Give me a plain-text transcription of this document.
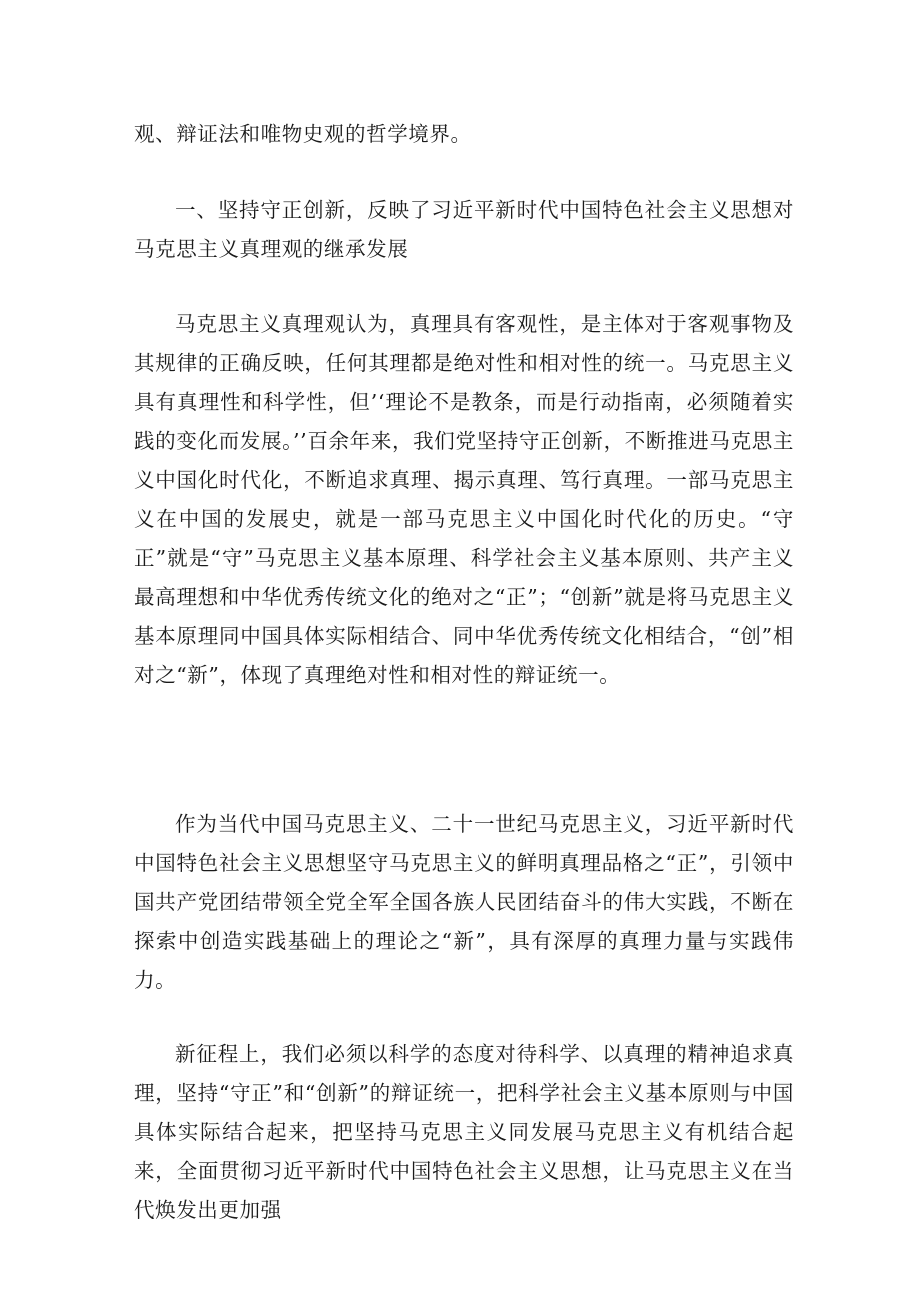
观、辩证法和唯物史观的哲学境界。

一、坚持守正创新，反映了习近平新时代中国特色社会主义思想对马克思主义真理观的继承发展

马克思主义真理观认为，真理具有客观性，是主体对于客观事物及其规律的正确反映，任何其理都是绝对性和相对性的统一。马克思主义具有真理性和科学性，但’‘理论不是教条，而是行动指南，必须随着实践的变化而发展。’’百余年来，我们党坚持守正创新，不断推进马克思主义中国化时代化，不断追求真理、揭示真理、笃行真理。一部马克思主义在中国的发展史，就是一部马克思主义中国化时代化的历史。“守正”就是“守”马克思主义基本原理、科学社会主义基本原则、共产主义最高理想和中华优秀传统文化的绝对之“正”；“创新”就是将马克思主义基本原理同中国具体实际相结合、同中华优秀传统文化相结合，“创”相对之“新”，体现了真理绝对性和相对性的辩证统一。

作为当代中国马克思主义、二十一世纪马克思主义，习近平新时代中国特色社会主义思想坚守马克思主义的鲜明真理品格之“正”，引领中国共产党团结带领全党全军全国各族人民团结奋斗的伟大实践，不断在探索中创造实践基础上的理论之“新”，具有深厚的真理力量与实践伟力。

新征程上，我们必须以科学的态度对待科学、以真理的精神追求真理，坚持“守正”和“创新”的辩证统一，把科学社会主义基本原则与中国具体实际结合起来，把坚持马克思主义同发展马克思主义有机结合起来，全面贯彻习近平新时代中国特色社会主义思想，让马克思主义在当代焕发出更加强
